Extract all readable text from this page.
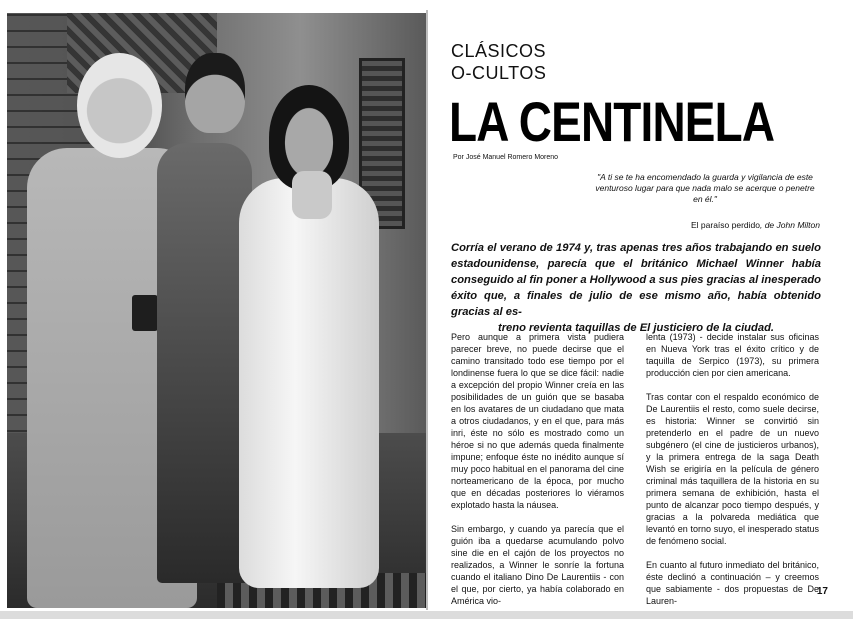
CLÁSICOS
O-CULTOS
LA CENTINELA
Por José Manuel Romero Moreno
"A ti se te ha encomendado la guarda y vigilancia de este venturoso lugar para que nada malo se acerque o penetre en él."
El paraíso perdido, de John Milton
Corría el verano de 1974 y, tras apenas tres años trabajando en suelo estadounidense, parecía que el británico Michael Winner había conseguido al fin poner a Hollywood a sus pies gracias al inesperado éxito que, a finales de julio de ese mismo año, había obtenido gracias al es-
treno revienta taquillas de El justiciero de la ciudad.

Pero aunque a primera vista pudiera parecer breve, no puede decirse que el camino transitado todo ese tiempo por el londinense fuera lo que se dice fácil: nadie a excepción del propio Winner creía en las posibilidades de un guión que se basaba en los avatares de un ciudadano que mata a otros ciudadanos, y en el que, para más inri, éste no sólo es mostrado como un héroe si no que además queda finalmente impune; enfoque éste no inédito aunque sí muy poco habitual en el panorama del cine norteamericano de la época, por mucho que en décadas posteriores lo viéramos explotado hasta la náusea.

Sin embargo, y cuando ya parecía que el guión iba a quedarse acumulando polvo sine die en el cajón de los proyectos no realizados, a Winner le sonríe la fortuna cuando el italiano Dino De Laurentiis - con el que, por cierto, ya había colaborado en América vio-

lenta (1973) - decide instalar sus oficinas en Nueva York tras el éxito crítico y de taquilla de Serpico (1973), su primera producción cien por cien americana.

Tras contar con el respaldo económico de De Laurentiis el resto, como suele decirse, es historia: Winner se convirtió sin pretenderlo en el padre de un nuevo subgénero (el cine de justicieros urbanos), y la primera entrega de la saga Death Wish se erigiría en la película de género criminal más taquillera de la historia en su primera semana de exhibición, hasta el punto de alcanzar poco tiempo después, y gracias a la polvareda mediática que levantó en torno suyo, el inesperado status de fenómeno social.

En cuanto al futuro inmediato del británico, éste declinó a continuación – y creemos que sabiamente - dos propuestas de De Lauren-

17
